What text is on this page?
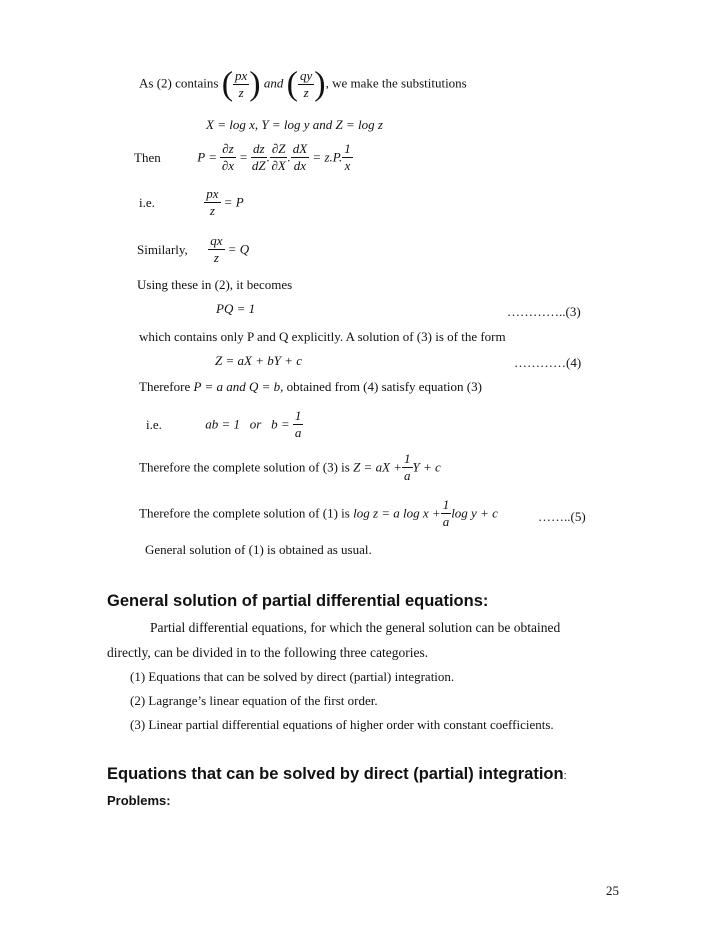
As (2) contains ( $\frac{px}{z}$ ) and ( $\frac{qy}{z}$ ), we make the substitutions
X = log x, Y = log y and Z = log z
Then	$P = \frac{\partial z}{\partial x} = \frac{dz}{dZ}$ . $\frac{\partial Z}{\partial X}$ . $\frac{dX}{dx} = z.P$. $\frac{1}{x}$
i.e.	$\frac{px}{z} = P$
Similarly, $\frac{qx}{z} = Q$
Using these in (2), it becomes
PQ = 1	…………..(3)
which contains only P and Q explicitly. A solution of (3) is of the form
Z = aX + bY + c	…………(4)
Therefore P = a and Q = b, obtained from (4) satisfy equation (3)
i.e.	ab = 1   or   $b = \frac{1}{a}$
Therefore the complete solution of (3) is Z = aX + $\frac{1}{a}$ Y + c
Therefore the complete solution of (1) is log z = a $\log x + \frac{1}{a}$ log y + c	……..(5)
General solution of (1) is obtained as usual.
General solution of partial differential equations:
Partial differential equations, for which the general solution can be obtained
directly, can be divided in to the following three categories.
(1) Equations that can be solved by direct (partial) integration.
(2) Lagrange’s linear equation of the first order.
(3) Linear partial differential equations of higher order with constant coefficients.
Equations that can be solved by direct (partial) integration:
Problems:
25
